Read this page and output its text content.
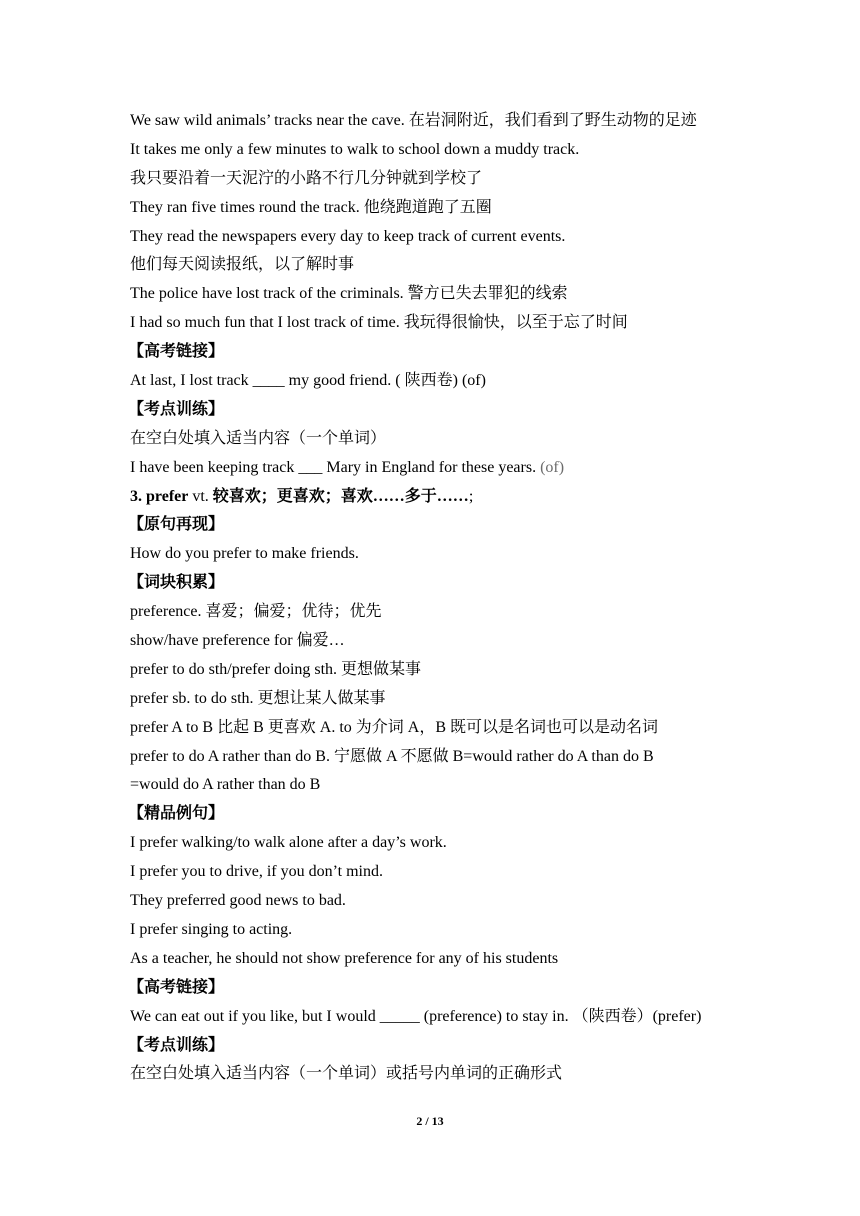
We saw wild animals’ tracks near the cave. 在岩洞附近，我们看到了野生动物的足迹
It takes me only a few minutes to walk to school down a muddy track.
我只要沿着一天泥泞的小路不行几分钟就到学校了
They ran five times round the track. 他绕跑道跑了五圈
They read the newspapers every day to keep track of current events.
他们每天阅读报纸，以了解时事
The police have lost track of the criminals. 警方已失去罪犯的线索
I had so much fun that I lost track of time. 我玩得很愉快，以至于忘了时间
【高考链接】
At last, I lost track ____ my good friend. ( 陕西卷) (of)
【考点训练】
在空白处填入适当内容（一个单词）
I have been keeping track ___ Mary in England for these years. (of)
3. prefer vt. 较喜欢；更喜欢；喜欢……多于……;
【原句再现】
How do you prefer to make friends.
【词块积累】
preference. 喜爱；偏爱；优待；优先
show/have preference for 偏爱…
prefer to do sth/prefer doing sth. 更想做某事
prefer sb. to do sth. 更想让某人做某事
prefer A to B 比起 B 更喜欢 A. to 为介词 A，B 既可以是名词也可以是动名词
prefer to do A rather than do B. 宁愿做 A 不愿做 B=would rather do A than do B
=would do A rather than do B
【精品例句】
I prefer walking/to walk alone after a day’s work.
I prefer you to drive, if you don’t mind.
They preferred good news to bad.
I prefer singing to acting.
As a teacher, he should not show preference for any of his students
【高考链接】
We can eat out if you like, but I would _____ (preference) to stay in. （陕西卷）(prefer)
【考点训练】
在空白处填入适当内容（一个单词）或括号内单词的正确形式
2 / 13
